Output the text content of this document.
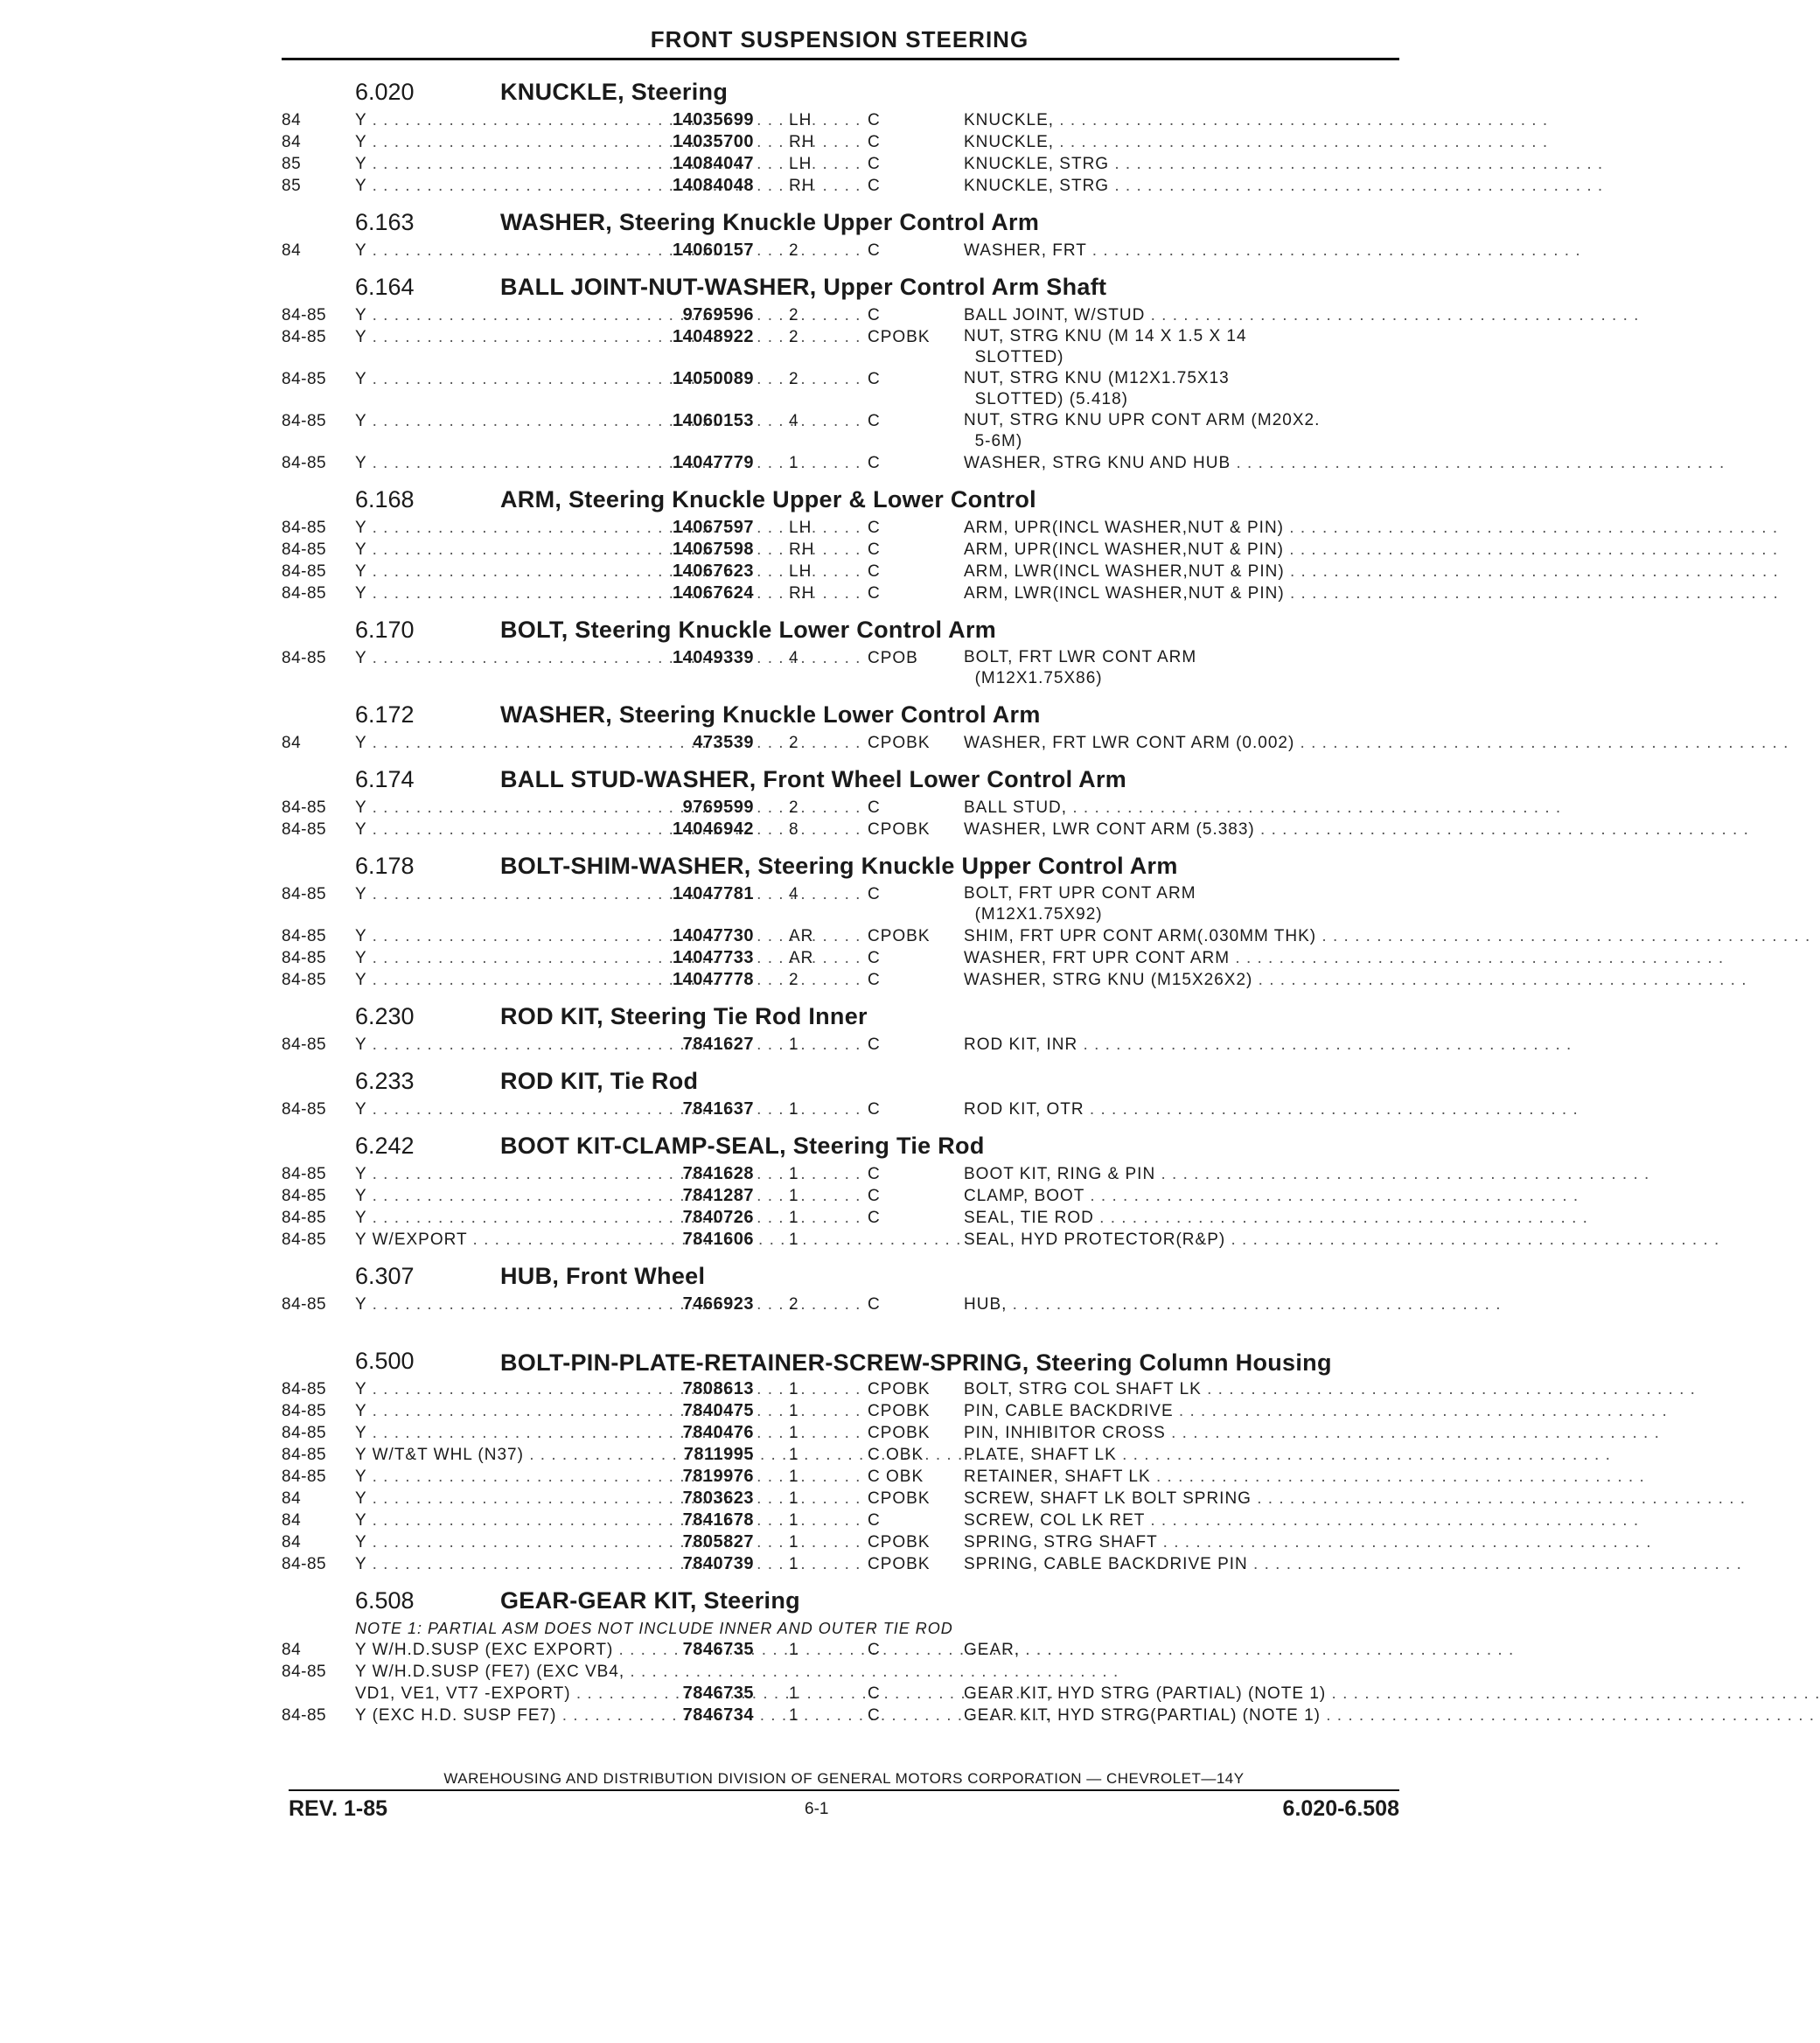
FRONT SUSPENSION STEERING
6.020	KNUCKLE, Steering
84	Y . . .	14035699 LH	C	KNUCKLE, . . .
84	Y . . .	14035700 RH	C	KNUCKLE, . . .
85	Y . . .	14084047 LH	C	KNUCKLE, STRG . . .
85	Y . . .	14084048 RH	C	KNUCKLE, STRG . . .
6.163	WASHER, Steering Knuckle Upper Control Arm
84	Y . . .	14060157 2	C	WASHER, FRT . . .
6.164	BALL JOINT-NUT-WASHER, Upper Control Arm Shaft
84-85	Y . . .	9769596 2	C	BALL JOINT, W/STUD . . .
84-85	Y . . .	14048922 2	CPOBK	NUT, STRG KNU (M 14 X 1.5 X 14
SLOTTED)
84-85	Y . . .	14050089 2	C	NUT, STRG KNU (M12X1.75X13
SLOTTED) (5.418)
84-85	Y . . .	14060153 4	C	NUT, STRG KNU UPR CONT ARM (M20X2.
5-6M)
84-85	Y . . .	14047779 1	C	WASHER, STRG KNU AND HUB . . .
6.168	ARM, Steering Knuckle Upper & Lower Control
84-85	Y . . .	14067597 LH	C	ARM, UPR(INCL WASHER,NUT & PIN) . . .
84-85	Y . . .	14067598 RH	C	ARM, UPR(INCL WASHER,NUT & PIN) . . .
84-85	Y . . .	14067623 LH	C	ARM, LWR(INCL WASHER,NUT & PIN) . . .
84-85	Y . . .	14067624 RH	C	ARM, LWR(INCL WASHER,NUT & PIN) . . .
6.170	BOLT, Steering Knuckle Lower Control Arm
84-85	Y . . .	14049339 4	CPOB	BOLT, FRT LWR CONT ARM
(M12X1.75X86)
6.172	WASHER, Steering Knuckle Lower Control Arm
84	Y . . .	473539 2	CPOBK	WASHER, FRT LWR CONT ARM (0.002) . . .
6.174	BALL STUD-WASHER, Front Wheel Lower Control Arm
84-85	Y . . .	9769599 2	C	BALL STUD, . . .
84-85	Y . . .	14046942 8	CPOBK	WASHER, LWR CONT ARM (5.383) . . .
6.178	BOLT-SHIM-WASHER, Steering Knuckle Upper Control Arm
84-85	Y . . .	14047781 4	C	BOLT, FRT UPR CONT ARM
(M12X1.75X92)
84-85	Y . . .	14047730 AR	CPOBK	SHIM, FRT UPR CONT ARM(.030MM THK) . . .
84-85	Y . . .	14047733 AR	C	WASHER, FRT UPR CONT ARM . . .
84-85	Y . . .	14047778 2	C	WASHER, STRG KNU (M15X26X2) . . .
6.230	ROD KIT, Steering Tie Rod Inner
84-85	Y . . .	7841627 1	C	ROD KIT, INR . . .
6.233	ROD KIT, Tie Rod
84-85	Y . . .	7841637 1	C	ROD KIT, OTR . . .
6.242	BOOT KIT-CLAMP-SEAL, Steering Tie Rod
84-85	Y . . .	7841628 1	C	BOOT KIT, RING & PIN . . .
84-85	Y . . .	7841287 1	C	CLAMP, BOOT . . .
84-85	Y . . .	7840726 1	C	SEAL, TIE ROD . . .
84-85	Y W/EXPORT . . .	7841606 1	SEAL, HYD PROTECTOR(R&P) . . .
6.307	HUB, Front Wheel
84-85	Y . . .	7466923 2	C	HUB, . . .
6.500	BOLT-PIN-PLATE-RETAINER-SCREW-SPRING, Steering Column Housing
84-85	Y . . .	7808613 1	CPOBK	BOLT, STRG COL SHAFT LK . . .
84-85	Y . . .	7840475 1	CPOBK	PIN, CABLE BACKDRIVE . . .
84-85	Y . . .	7840476 1	CPOBK	PIN, INHIBITOR CROSS . . .
84-85	Y W/T&T WHL (N37) . . .	7811995 1	C OBK	PLATE, SHAFT LK . . .
84-85	Y . . .	7819976 1	C OBK	RETAINER, SHAFT LK . . .
84	Y . . .	7803623 1	CPOBK	SCREW, SHAFT LK BOLT SPRING . . .
84	Y . . .	7841678 1	C	SCREW, COL LK RET . . .
84	Y . . .	7805827 1	CPOBK	SPRING, STRG SHAFT . . .
84-85	Y . . .	7840739 1	CPOBK	SPRING, CABLE BACKDRIVE PIN . . .
6.508	GEAR-GEAR KIT, Steering
NOTE 1: PARTIAL ASM DOES NOT INCLUDE INNER AND OUTER TIE ROD
84	Y W/H.D.SUSP (EXC EXPORT) . . .	7846735 1	C	GEAR, . . .
84-85	Y W/H.D.SUSP (FE7) (EXC VB4, . . .
VD1, VE1, VT7 -EXPORT) . . .	7846735 1	C	GEAR KIT, HYD STRG (PARTIAL) (NOTE 1) . . .
84-85	Y (EXC H.D. SUSP FE7) . . .	7846734 1	C	GEAR KIT, HYD STRG(PARTIAL) (NOTE 1) . . .
WAREHOUSING AND DISTRIBUTION DIVISION OF GENERAL MOTORS CORPORATION — CHEVROLET—14Y
REV. 1-85	6-1	6.020-6.508
